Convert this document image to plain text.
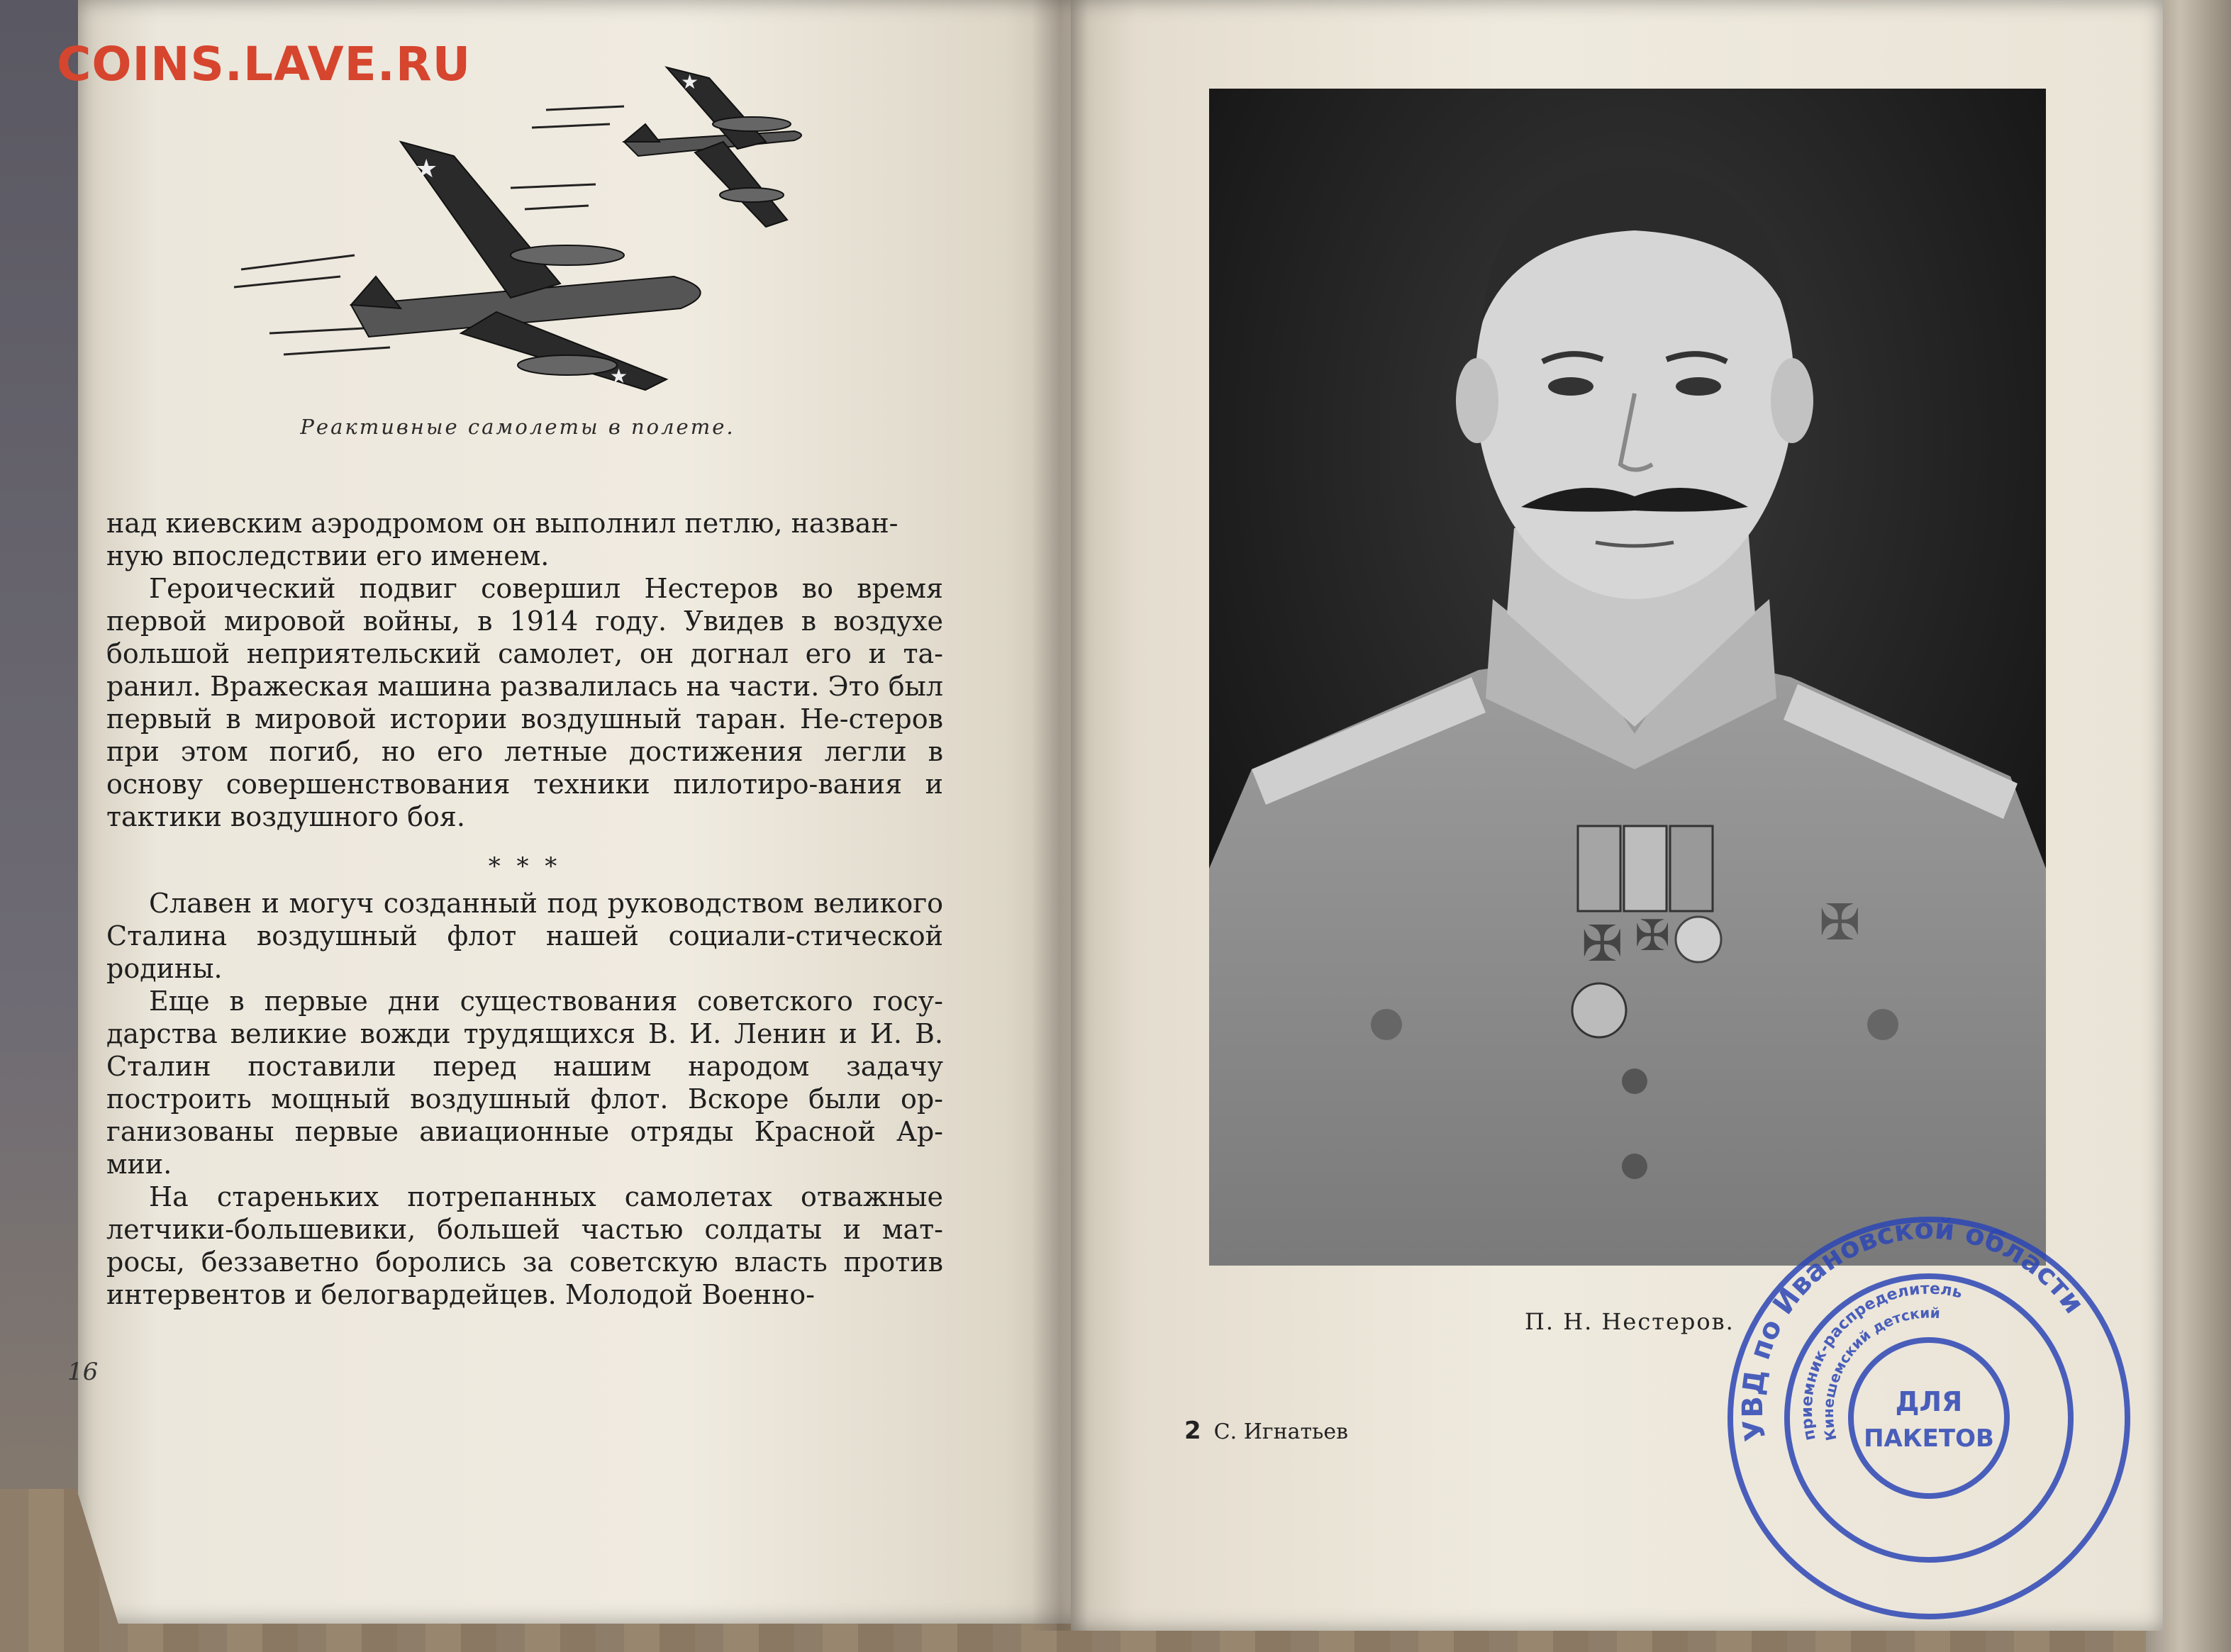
COINS.LAVE.RU	★
★
★
Реактивные самолеты в полете.

над киевским аэродромом он выполнил петлю, назван-

ную впоследствии его именем.

Героический подвиг совершил Нестеров во время первой мировой войны, в 1914 году. Увидев в воздухе большой неприятельский самолет, он догнал его и та-ранил. Вражеская машина развалилась на части. Это был первый в мировой истории воздушный таран. Не-стеров при этом погиб, но его летные достижения легли в основу совершенствования техники пилотиро-вания и тактики воздушного боя.

* * *

Славен и могуч созданный под руководством великого Сталина воздушный флот нашей социали-стической родины.

Еще в первые дни существования советского госу-дарства великие вожди трудящихся В. И. Ленин и И. В. Сталин поставили перед нашим народом задачу построить мощный воздушный флот. Вскоре были ор-ганизованы первые авиационные отряды Красной Ар-мии.

На стареньких потрепанных самолетах отважные летчики-большевики, большей частью солдаты и мат-росы, беззаветно боролись за советскую власть против интервентов и белогвардейцев. Молодой Военно-

16
✠ ✠	✠
П. Н. Нестеров.
2 С. Игнатьев	УВД по Ивановской области
приемник-распределитель
Кинешемский детский
ДЛЯ
ПАКЕТОВ
